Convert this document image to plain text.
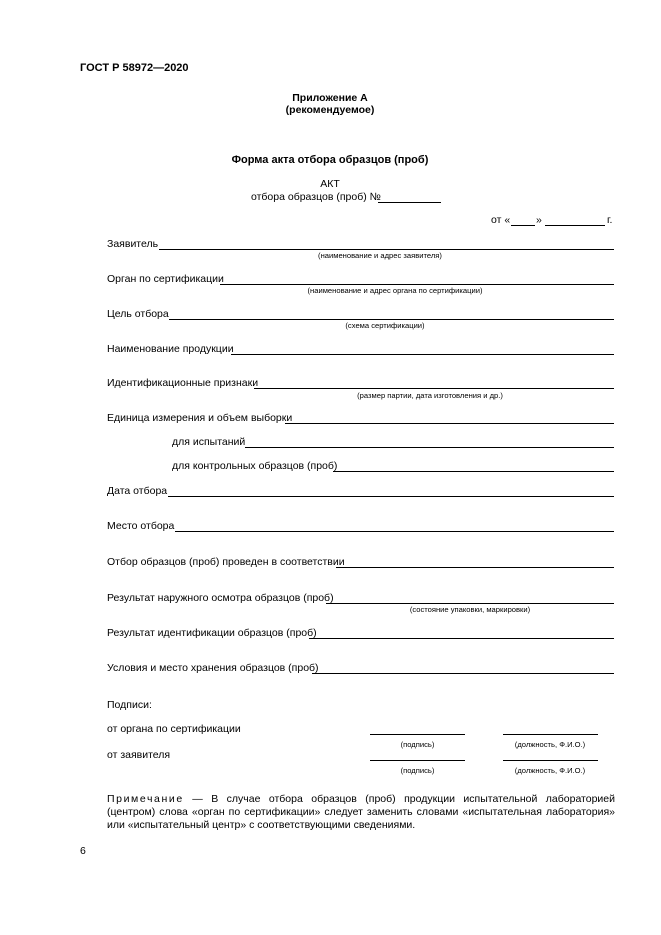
ГОСТ Р 58972—2020
Приложение А
(рекомендуемое)
Форма акта отбора образцов (проб)
АКТ
отбора образцов (проб) №
от « »	г.
Заявитель
(наименование и адрес заявителя)
Орган по сертификации
(наименование и адрес органа по сертификации)
Цель отбора
(схема сертификации)
Наименование продукции
Идентификационные признаки
(размер партии, дата изготовления и др.)
Единица измерения и объем выборки
для испытаний
для контрольных образцов (проб)
Дата отбора
Место отбора
Отбор образцов (проб) проведен в соответствии
Результат наружного осмотра образцов (проб)
(состояние упаковки, маркировки)
Результат идентификации образцов (проб)
Условия и место хранения образцов (проб)
Подписи:
от органа по сертификации
(подпись)	(должность, Ф.И.О.)
от заявителя
(подпись)	(должность, Ф.И.О.)
Примечание — В случае отбора образцов (проб) продукции испытательной лабораторией (центром) слова «орган по сертификации» следует заменить словами «испытательная лаборатория» или «испытательный центр» с соответствующими сведениями.
6
